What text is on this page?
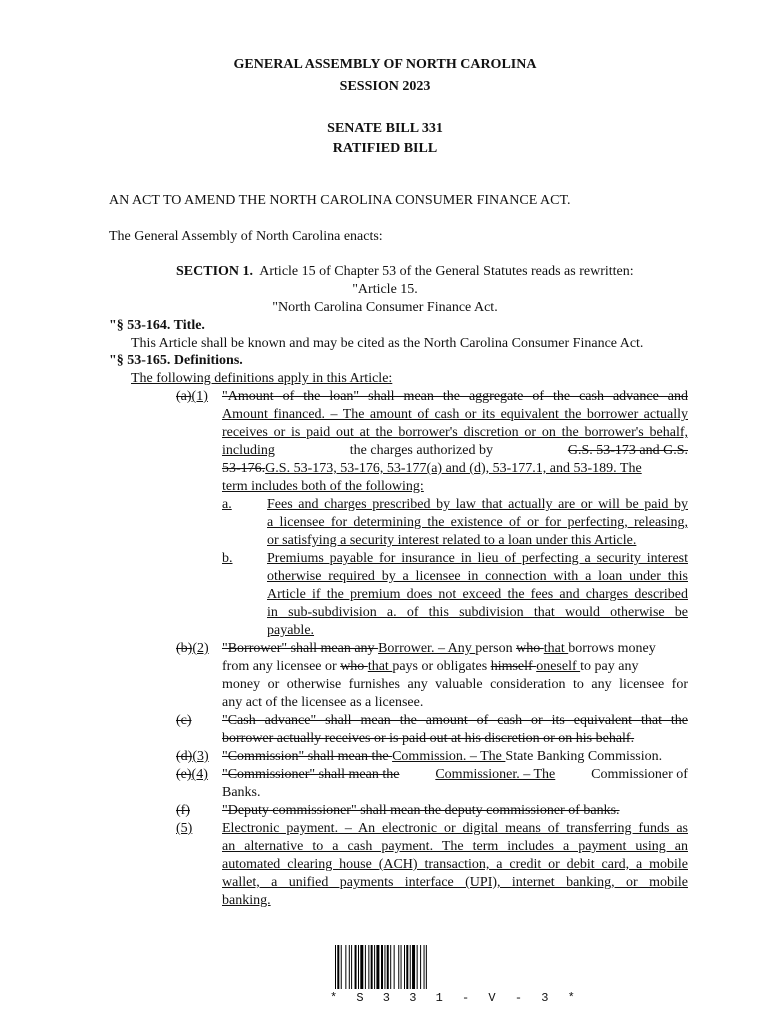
GENERAL ASSEMBLY OF NORTH CAROLINA
SESSION 2023
SENATE BILL 331
RATIFIED BILL
AN ACT TO AMEND THE NORTH CAROLINA CONSUMER FINANCE ACT.
The General Assembly of North Carolina enacts:
SECTION 1. Article 15 of Chapter 53 of the General Statutes reads as rewritten:
"Article 15.
"North Carolina Consumer Finance Act.
"§ 53-164. Title.
This Article shall be known and may be cited as the North Carolina Consumer Finance Act.
"§ 53-165. Definitions.
The following definitions apply in this Article:
(a)(1) "Amount of the loan" shall mean the aggregate of the cash advance and
Amount financed. – The amount of cash or its equivalent the borrower actually
receives or is paid out at the borrower's discretion or on the borrower's behalf,
including	the charges authorized by	G.S. 53-173 and G.S.
53-176.G.S. 53-173, 53-176, 53-177(a) and (d), 53-177.1, and 53-189. The
term includes both of the following:
a.	Fees and charges prescribed by law that actually are or will be paid by
a licensee for determining the existence of or for perfecting, releasing,
or satisfying a security interest related to a loan under this Article.
b. Premiums payable for insurance in lieu of perfecting a security interest
otherwise required by a licensee in connection with a loan under this
Article if the premium does not exceed the fees and charges described
in sub-subdivision a. of this subdivision that would otherwise be
payable.
(b)(2) "Borrower" shall mean any Borrower. – Any person who that borrows money
from any licensee or who that pays or obligates himself oneself to pay any
money or otherwise furnishes any valuable consideration to any licensee for
any act of the licensee as a licensee.
(c) "Cash advance" shall mean the amount of cash or its equivalent that the
borrower actually receives or is paid out at his discretion or on his behalf.
(d)(3) "Commission" shall mean the Commission. – The State Banking Commission.
(e)(4) "Commissioner" shall mean the	Commissioner. – The	Commissioner of
Banks.
(f) "Deputy commissioner" shall mean the deputy commissioner of banks.
(5) Electronic payment. – An electronic or digital means of transferring funds as
an alternative to a cash payment. The term includes a payment using an
automated clearing house (ACH) transaction, a credit or debit card, a mobile
wallet, a unified payments interface (UPI), internet banking, or mobile
banking.
* S 3 3 1 - V - 3 *
